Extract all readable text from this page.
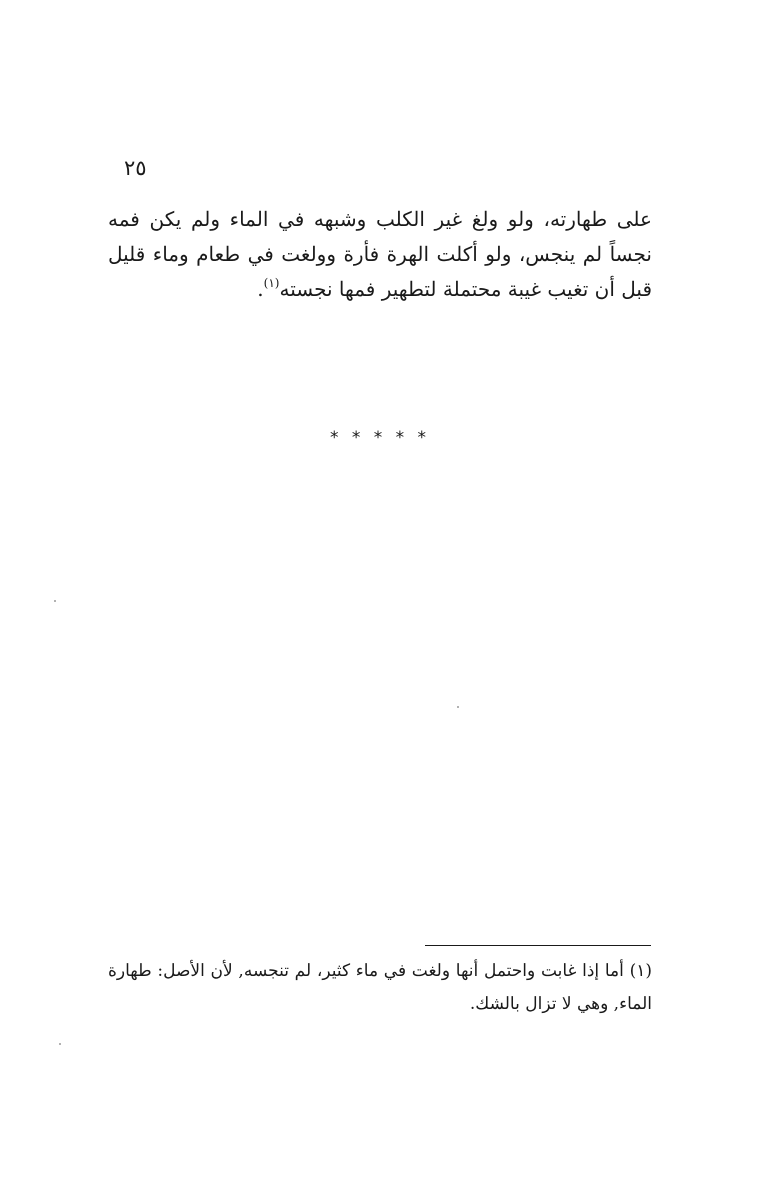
٢٥
على طهارته، ولو ولغ غير الكلب وشبهه في الماء ولم يكن فمه نجساً لم ينجس، ولو أكلت الهرة فأرة وولغت في طعام وماء قليل قبل أن تغيب غيبة محتملة لتطهير فمها نجسته$^{(١)}$.
* * * * *
(١) أما إذا غابت واحتمل أنها ولغت في ماء كثير، لم تنجسه, لأن الأصل: طهارة الماء, وهي لا تزال بالشك.
